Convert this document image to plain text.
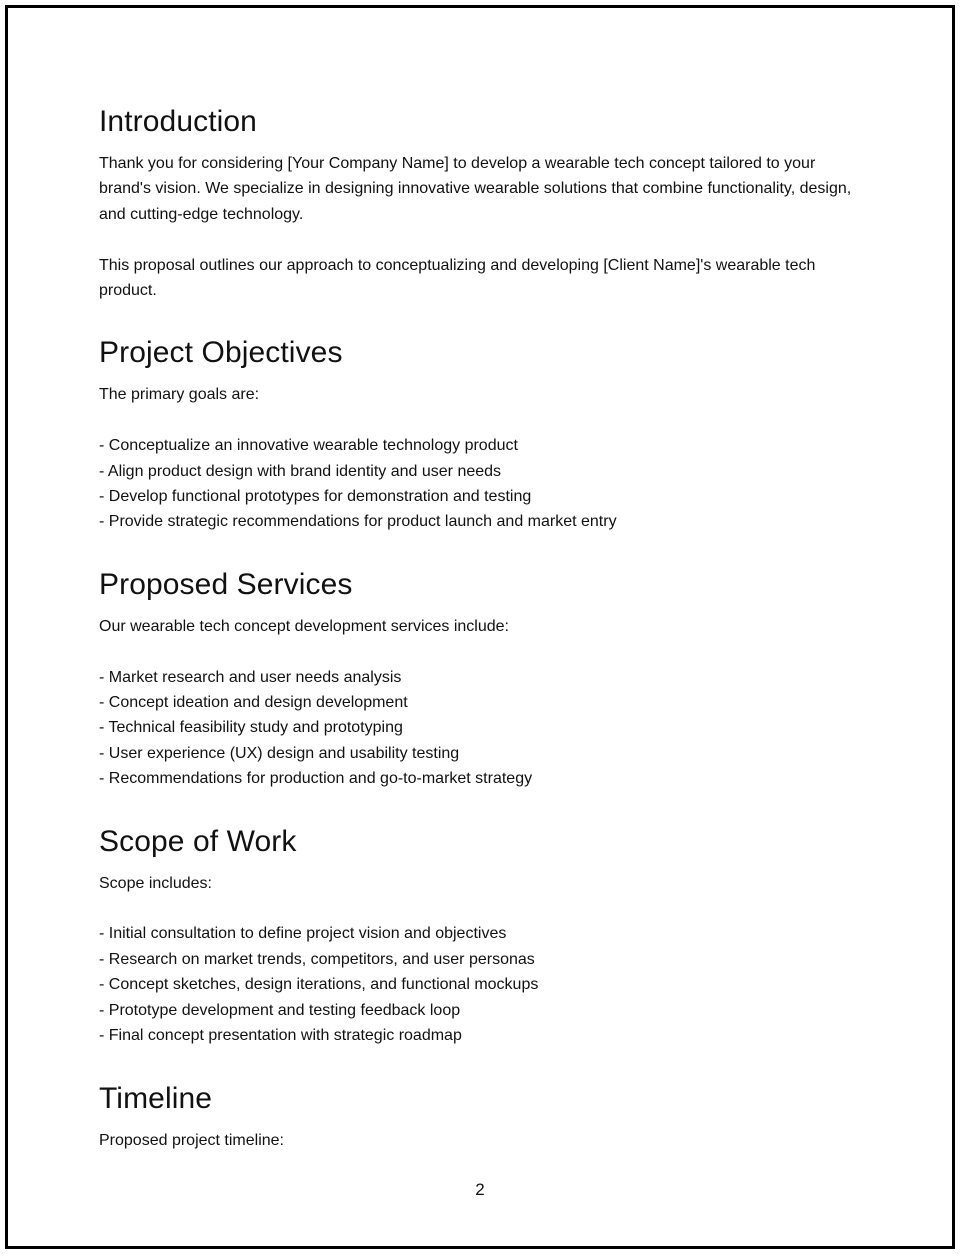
Introduction

Thank you for considering [Your Company Name] to develop a wearable tech concept tailored to your brand's vision. We specialize in designing innovative wearable solutions that combine functionality, design, and cutting-edge technology.

This proposal outlines our approach to conceptualizing and developing [Client Name]'s wearable tech product.

Project Objectives

The primary goals are:

- Conceptualize an innovative wearable technology product
- Align product design with brand identity and user needs
- Develop functional prototypes for demonstration and testing
- Provide strategic recommendations for product launch and market entry
Proposed Services

Our wearable tech concept development services include:

- Market research and user needs analysis
- Concept ideation and design development
- Technical feasibility study and prototyping
- User experience (UX) design and usability testing
- Recommendations for production and go-to-market strategy
Scope of Work

Scope includes:

- Initial consultation to define project vision and objectives
- Research on market trends, competitors, and user personas
- Concept sketches, design iterations, and functional mockups
- Prototype development and testing feedback loop
- Final concept presentation with strategic roadmap
Timeline

Proposed project timeline:

2
